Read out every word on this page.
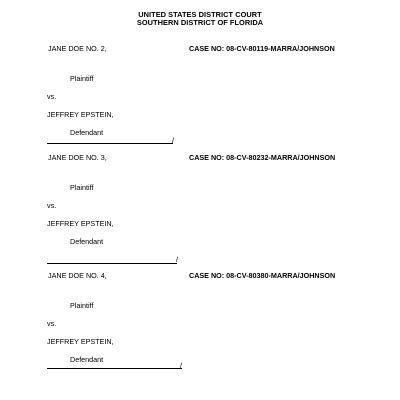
UNITED STATES DISTRICT COURT
SOUTHERN DISTRICT OF FLORIDA
JANE DOE NO. 2,	CASE NO: 08-CV-80119-MARRA/JOHNSON
Plaintiff
vs.
JEFFREY EPSTEIN,
Defendant
/
JANE DOE NO. 3,	CASE NO: 08-CV-80232-MARRA/JOHNSON
Plaintiff
vs.
JEFFREY EPSTEIN,
Defendant
/
JANE DOE NO. 4,	CASE NO: 08-CV-80380-MARRA/JOHNSON
Plaintiff
vs.
JEFFREY EPSTEIN,
Defendant
/
